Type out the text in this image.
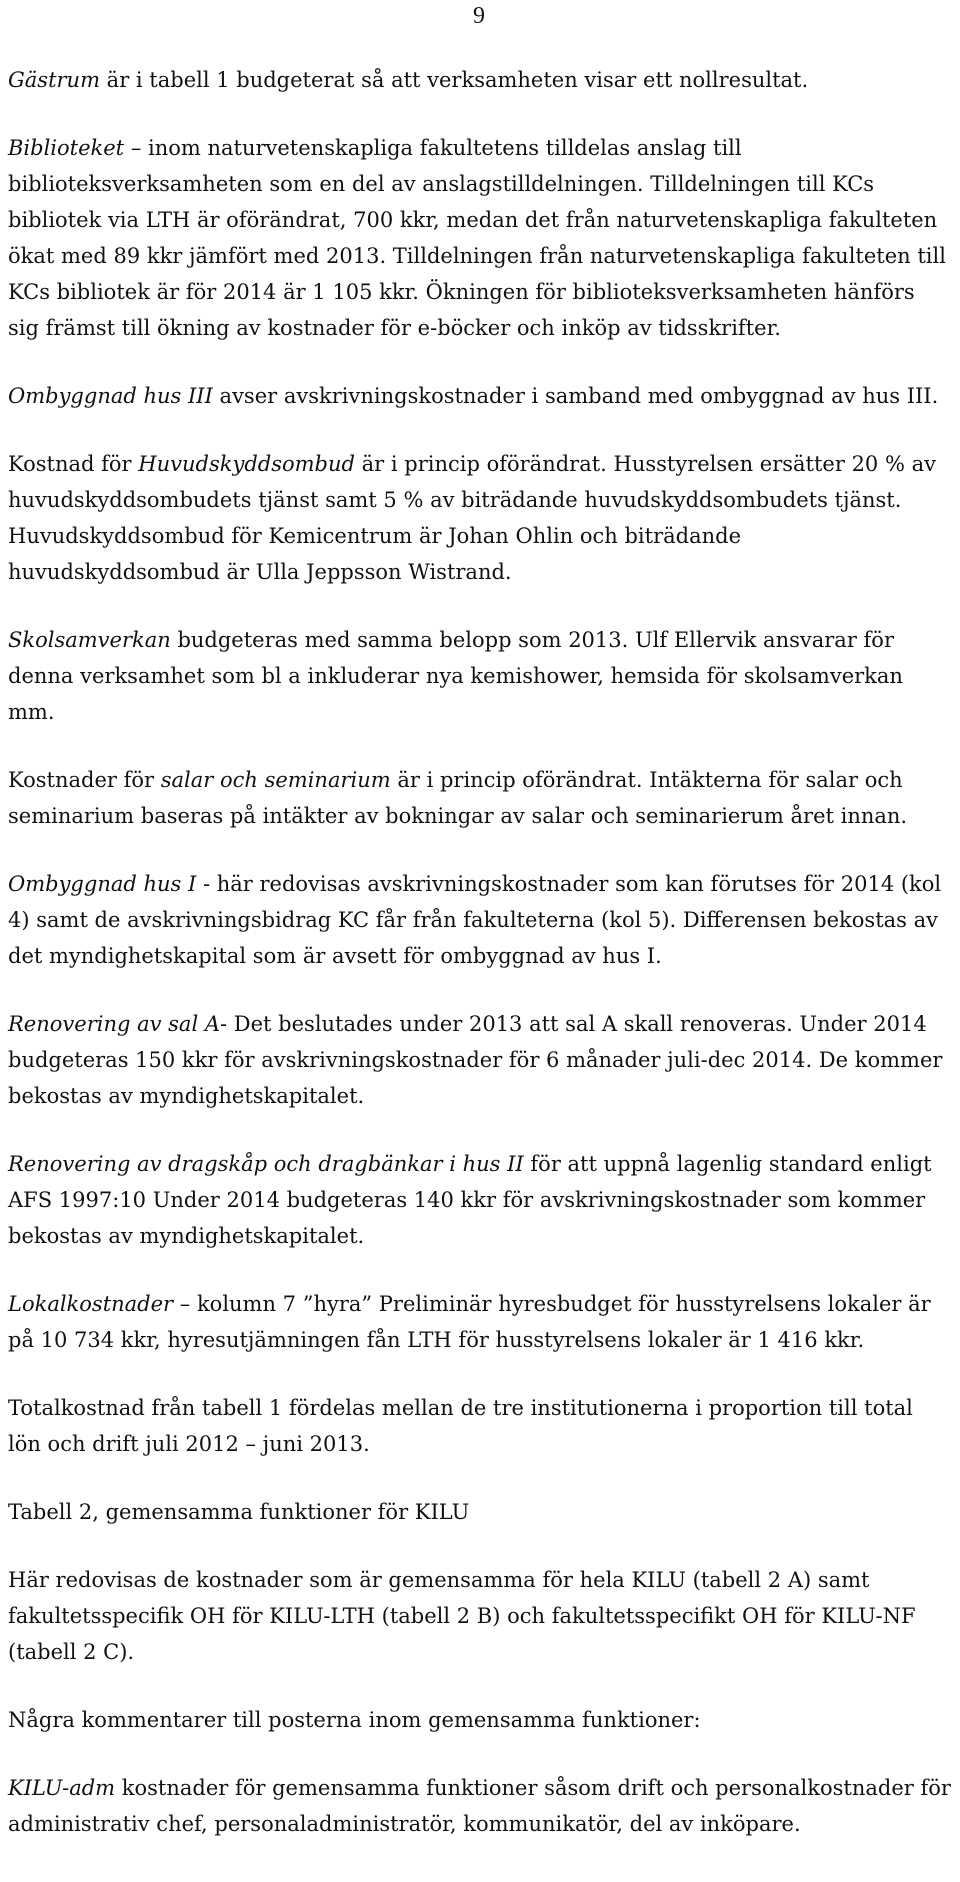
9

Gästrum är i tabell 1 budgeterat så att verksamheten visar ett nollresultat.

Biblioteket – inom naturvetenskapliga fakultetens tilldelas anslag till biblioteksverksamheten som en del av anslagstilldelningen. Tilldelningen till KCs bibliotek via LTH är oförändrat, 700 kkr, medan det från naturvetenskapliga fakulteten ökat med 89 kkr jämfört med 2013. Tilldelningen från naturvetenskapliga fakulteten till KCs bibliotek är för 2014 är 1 105 kkr. Ökningen för biblioteksverksamheten hänförs sig främst till ökning av kostnader för e-böcker och inköp av tidsskrifter.

Ombyggnad hus III avser avskrivningskostnader i samband med ombyggnad av hus III.

Kostnad för Huvudskyddsombud är i princip oförändrat. Husstyrelsen ersätter 20 % av huvudskyddsombudets tjänst samt 5 % av biträdande huvudskyddsombudets tjänst. Huvudskyddsombud för Kemicentrum är Johan Ohlin och biträdande huvudskyddsombud är Ulla Jeppsson Wistrand.

Skolsamverkan budgeteras med samma belopp som 2013. Ulf Ellervik ansvarar för denna verksamhet som bl a inkluderar nya kemishower, hemsida för skolsamverkan mm.

Kostnader för salar och seminarium är i princip oförändrat. Intäkterna för salar och seminarium baseras på intäkter av bokningar av salar och seminarierum året innan.

Ombyggnad hus I - här redovisas avskrivningskostnader som kan förutses för 2014 (kol 4) samt de avskrivningsbidrag KC får från fakulteterna (kol 5). Differensen bekostas av det myndighetskapital som är avsett för ombyggnad av hus I.

Renovering av sal A- Det beslutades under 2013 att sal A skall renoveras. Under 2014 budgeteras 150 kkr för avskrivningskostnader för 6 månader juli-dec 2014. De kommer bekostas av myndighetskapitalet.

Renovering av dragskåp och dragbänkar i hus II för att uppnå lagenlig standard enligt AFS 1997:10 Under 2014 budgeteras 140 kkr för avskrivningskostnader som kommer bekostas av myndighetskapitalet.

Lokalkostnader – kolumn 7 ”hyra” Preliminär hyresbudget för husstyrelsens lokaler är på 10 734 kkr, hyresutjämningen fån LTH för husstyrelsens lokaler är 1 416 kkr.

Totalkostnad från tabell 1 fördelas mellan de tre institutionerna i proportion till total lön och drift juli 2012 – juni 2013.

Tabell 2, gemensamma funktioner för KILU

Här redovisas de kostnader som är gemensamma för hela KILU (tabell 2 A) samt fakultetsspecifik OH för KILU-LTH (tabell 2 B) och fakultetsspecifikt OH för KILU-NF (tabell 2 C).

Några kommentarer till posterna inom gemensamma funktioner:

KILU-adm kostnader för gemensamma funktioner såsom drift och personalkostnader för administrativ chef, personaladministratör, kommunikatör, del av inköpare.
